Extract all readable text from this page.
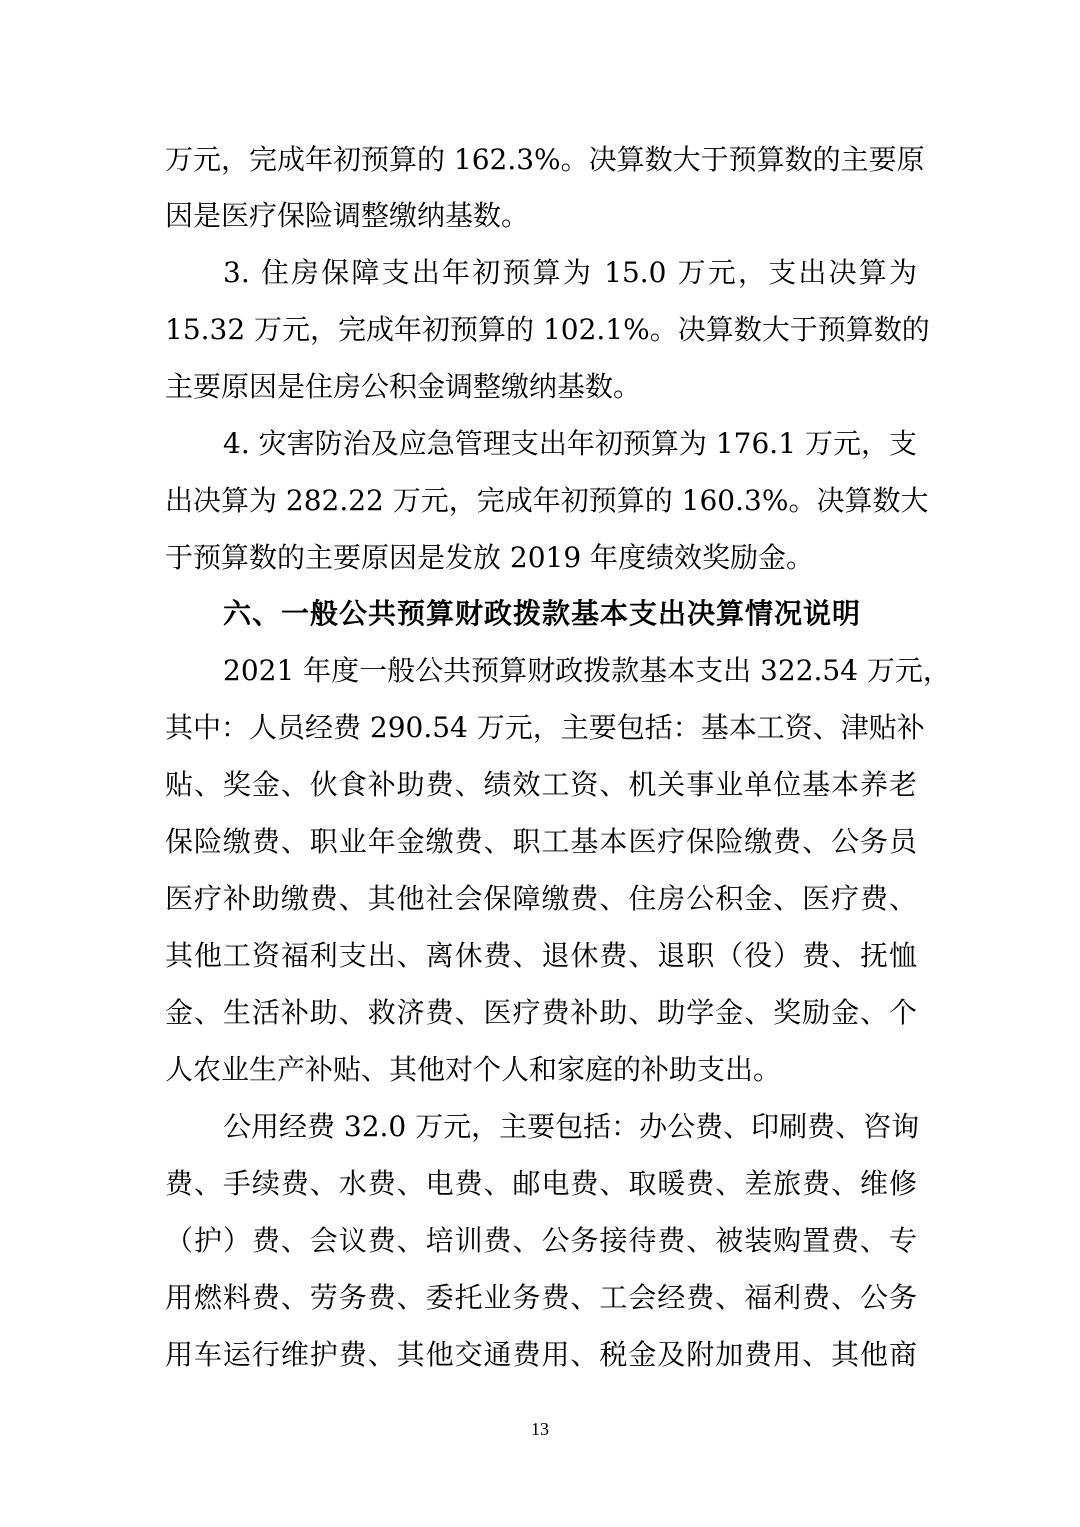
万元，完成年初预算的 162.3%。决算数大于预算数的主要原
因是医疗保险调整缴纳基数。
3. 住房保障支出年初预算为 15.0 万元，支出决算为
15.32 万元，完成年初预算的 102.1%。决算数大于预算数的
主要原因是住房公积金调整缴纳基数。
4. 灾害防治及应急管理支出年初预算为 176.1 万元，支
出决算为 282.22 万元，完成年初预算的 160.3%。决算数大
于预算数的主要原因是发放 2019 年度绩效奖励金。
六、一般公共预算财政拨款基本支出决算情况说明
2021 年度一般公共预算财政拨款基本支出 322.54 万元，
其中：人员经费 290.54 万元，主要包括：基本工资、津贴补
贴、奖金、伙食补助费、绩效工资、机关事业单位基本养老
保险缴费、职业年金缴费、职工基本医疗保险缴费、公务员
医疗补助缴费、其他社会保障缴费、住房公积金、医疗费、
其他工资福利支出、离休费、退休费、退职（役）费、抚恤
金、生活补助、救济费、医疗费补助、助学金、奖励金、个
人农业生产补贴、其他对个人和家庭的补助支出。
公用经费 32.0 万元，主要包括：办公费、印刷费、咨询
费、手续费、水费、电费、邮电费、取暖费、差旅费、维修
（护）费、会议费、培训费、公务接待费、被装购置费、专
用燃料费、劳务费、委托业务费、工会经费、福利费、公务
用车运行维护费、其他交通费用、税金及附加费用、其他商
13
